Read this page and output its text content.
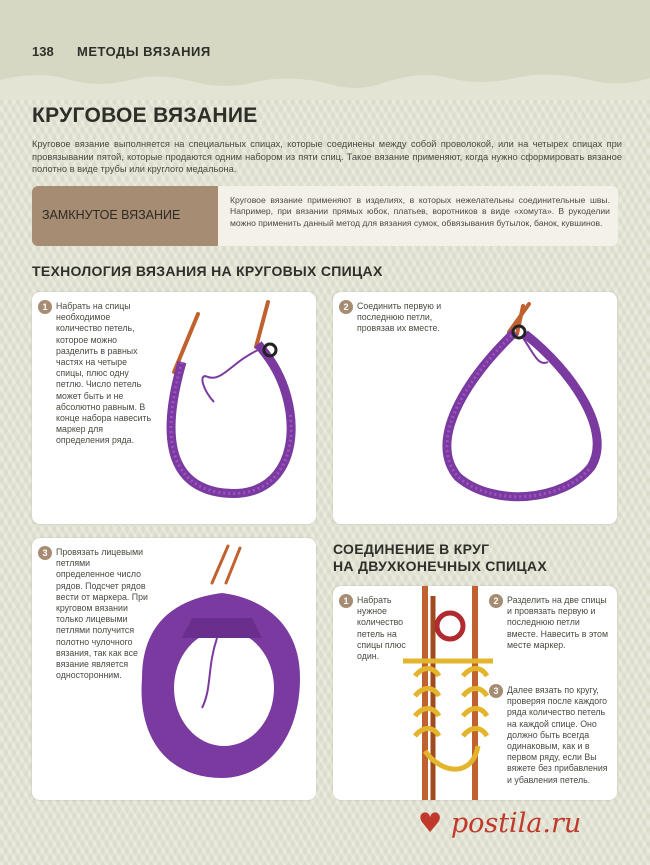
138 МЕТОДЫ ВЯЗАНИЯ
КРУГОВОЕ ВЯЗАНИЕ
Круговое вязание выполняется на специальных спицах, которые соединены между собой проволокой, или на четырех спицах при провязывании пятой, которые продаются одним набором из пяти спиц. Такое вязание применяют, когда нужно сформировать вязаное полотно в виде трубы или круглого медальона.
ЗАМКНУТОЕ ВЯЗАНИЕ
Круговое вязание применяют в изделиях, в которых нежелательны соединительные швы. Например, при вязании прямых юбок, платьев, воротников в виде «хомута». В рукоделии можно применить данный метод для вязания сумок, обвязывания бутылок, банок, кувшинов.
ТЕХНОЛОГИЯ ВЯЗАНИЯ НА КРУГОВЫХ СПИЦАХ
1 Набрать на спицы необходимое количество петель, которое можно разделить в равных частях на четыре спицы, плюс одну петлю. Число петель может быть и не абсолютно равным. В конце набора навесить маркер для определения ряда.
2 Соединить первую и последнюю петли, провязав их вместе.
3 Провязать лицевыми петлями определенное число рядов. Подсчет рядов вести от маркера. При круговом вязании только лицевыми петлями получится полотно чулочного вязания, так как все вязание является односторонним.
СОЕДИНЕНИЕ В КРУГ
НА ДВУХКОНЕЧНЫХ СПИЦАХ
1 Набрать нужное количество петель на спицы плюс один.
2 Разделить на две спицы и провязать первую и последнюю петли вместе. Навесить в этом месте маркер.
3 Далее вязать по кругу, проверяя после каждого ряда количество петель на каждой спице. Оно должно быть всегда одинаковым, как и в первом ряду, если Вы вяжете без прибавления и убавления петель.
♥ postila.ru
